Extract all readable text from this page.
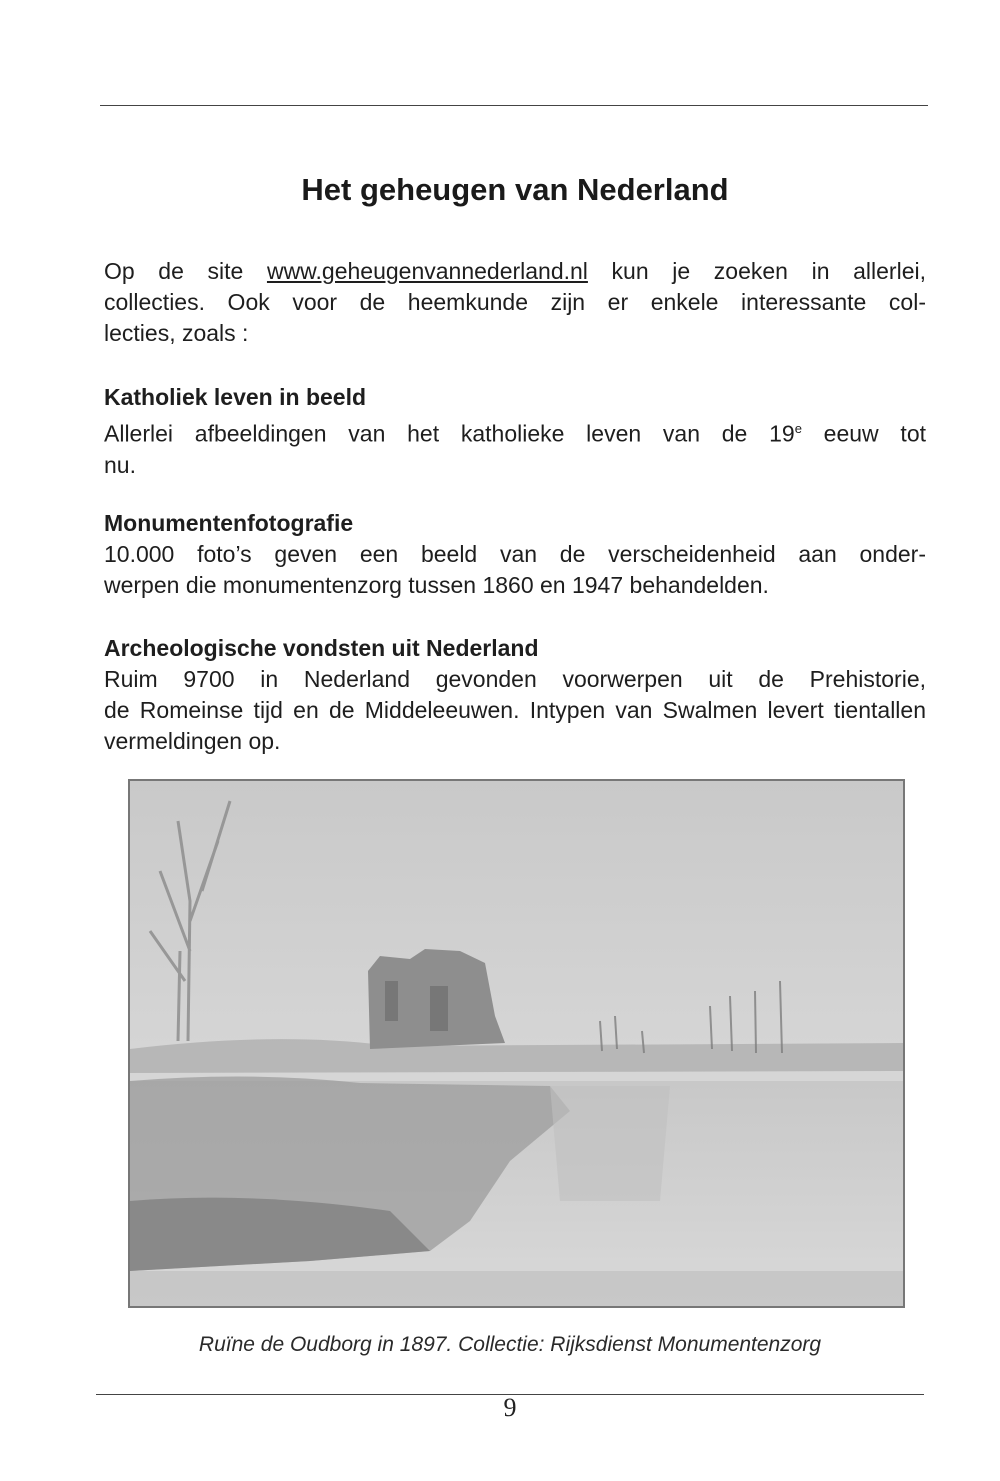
Het geheugen van Nederland
Op de site www.geheugenvannederland.nl kun je zoeken in allerlei,
collecties. Ook voor de heemkunde zijn er enkele interessante col-
lecties, zoals :
Katholiek leven in beeld
Allerlei afbeeldingen van het katholieke leven van de 19e eeuw tot
nu.
Monumentenfotografie
10.000 foto’s geven een beeld van de verscheidenheid aan onder-
werpen die monumentenzorg tussen 1860 en 1947 behandelden.
Archeologische vondsten uit Nederland
Ruim 9700 in Nederland gevonden voorwerpen uit de Prehistorie,
de Romeinse tijd en de Middeleeuwen. Intypen van Swalmen levert tientallen vermeldingen op.
Ruïne de Oudborg in 1897. Collectie: Rijksdienst Monumentenzorg
9
